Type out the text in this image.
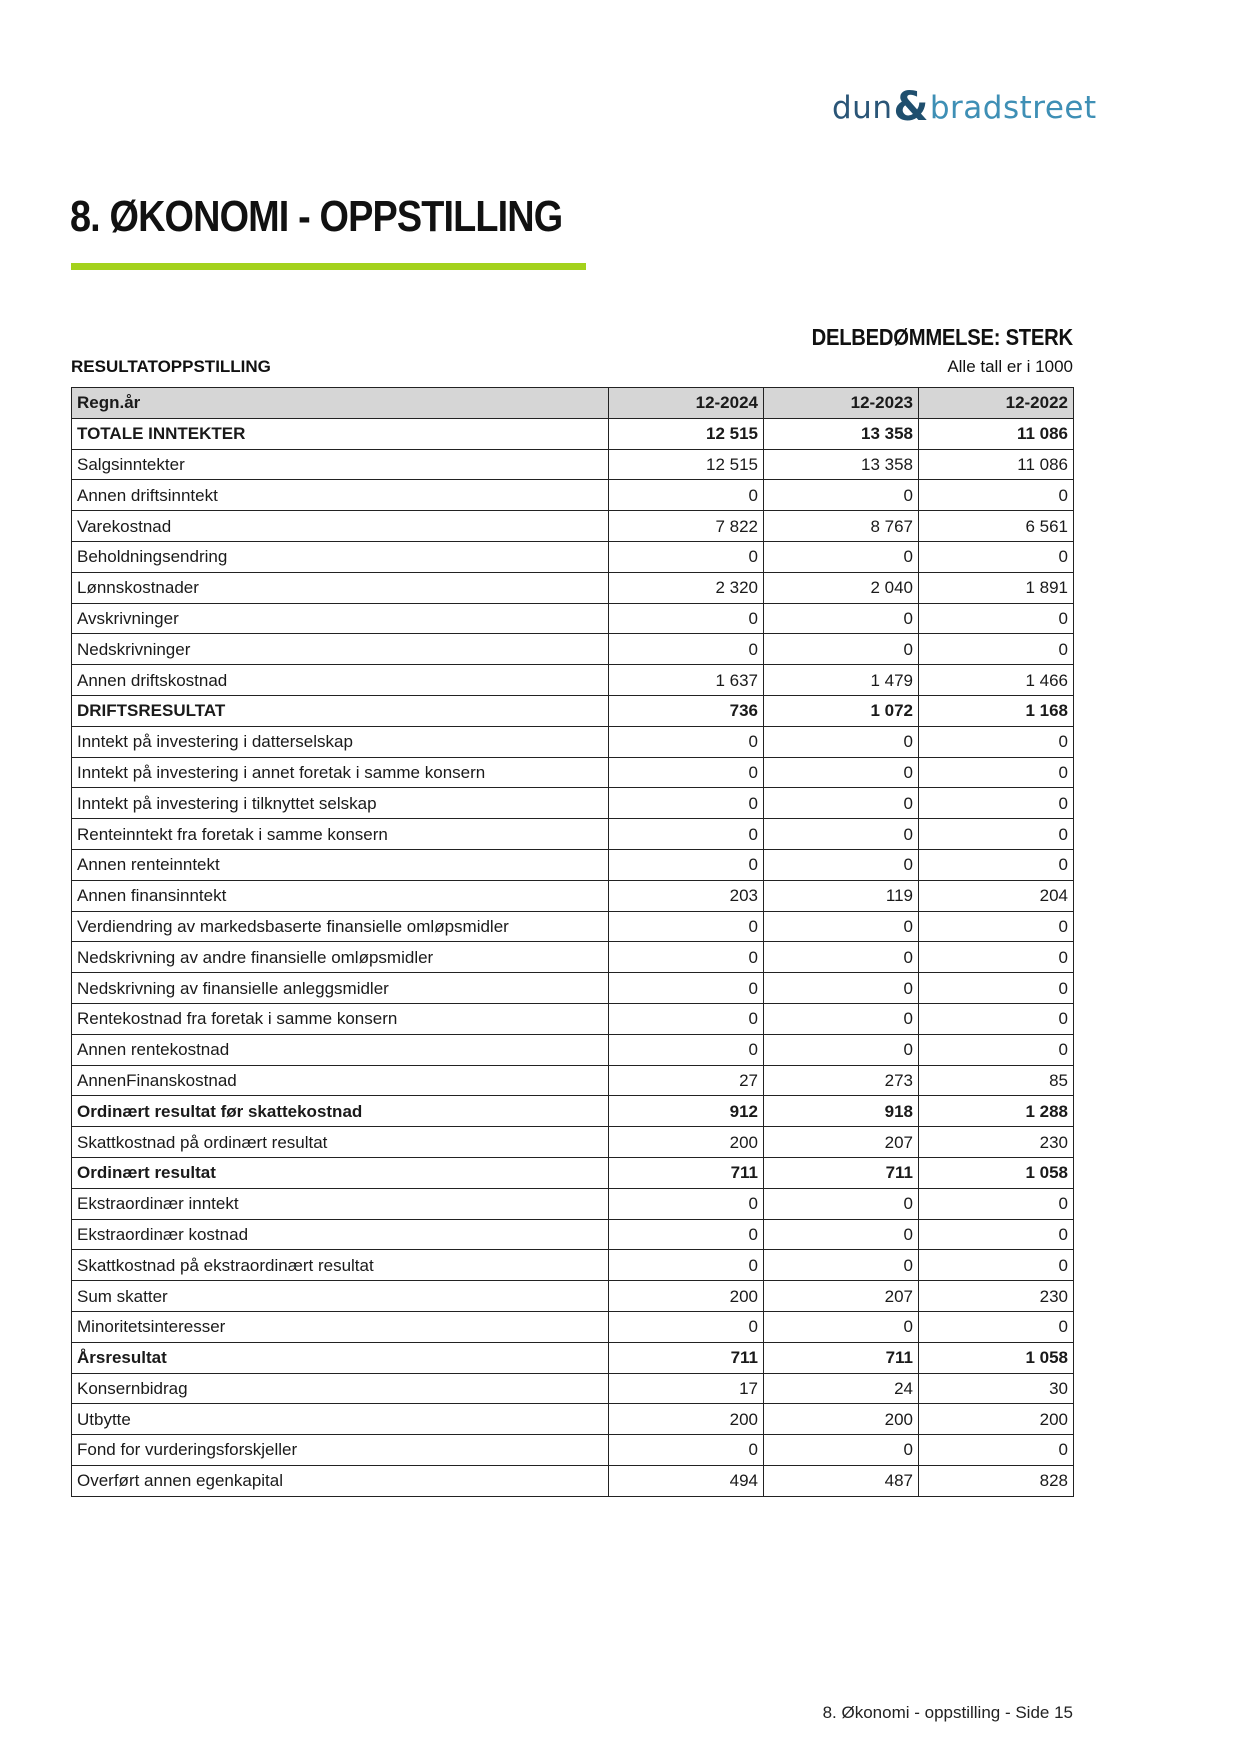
dun & bradstreet
8. ØKONOMI - OPPSTILLING
DELBEDØMMELSE: STERK
RESULTATOPPSTILLING	Alle tall er i 1000
Regn.år	12-2024	12-2023	12-2022
TOTALE INNTEKTER	12 515	13 358	11 086
Salgsinntekter	12 515	13 358	11 086
Annen driftsinntekt	0	0	0
Varekostnad	7 822	8 767	6 561
Beholdningsendring	0	0	0
Lønnskostnader	2 320	2 040	1 891
Avskrivninger	0	0	0
Nedskrivninger	0	0	0
Annen driftskostnad	1 637	1 479	1 466
DRIFTSRESULTAT	736	1 072	1 168
Inntekt på investering i datterselskap	0	0	0
Inntekt på investering i annet foretak i samme konsern	0	0	0
Inntekt på investering i tilknyttet selskap	0	0	0
Renteinntekt fra foretak i samme konsern	0	0	0
Annen renteinntekt	0	0	0
Annen finansinntekt	203	119	204
Verdiendring av markedsbaserte finansielle omløpsmidler	0	0	0
Nedskrivning av andre finansielle omløpsmidler	0	0	0
Nedskrivning av finansielle anleggsmidler	0	0	0
Rentekostnad fra foretak i samme konsern	0	0	0
Annen rentekostnad	0	0	0
AnnenFinanskostnad	27	273	85
Ordinært resultat før skattekostnad	912	918	1 288
Skattkostnad på ordinært resultat	200	207	230
Ordinært resultat	711	711	1 058
Ekstraordinær inntekt	0	0	0
Ekstraordinær kostnad	0	0	0
Skattkostnad på ekstraordinært resultat	0	0	0
Sum skatter	200	207	230
Minoritetsinteresser	0	0	0
Årsresultat	711	711	1 058
Konsernbidrag	17	24	30
Utbytte	200	200	200
Fond for vurderingsforskjeller	0	0	0
Overført annen egenkapital	494	487	828
8. Økonomi - oppstilling - Side 15
